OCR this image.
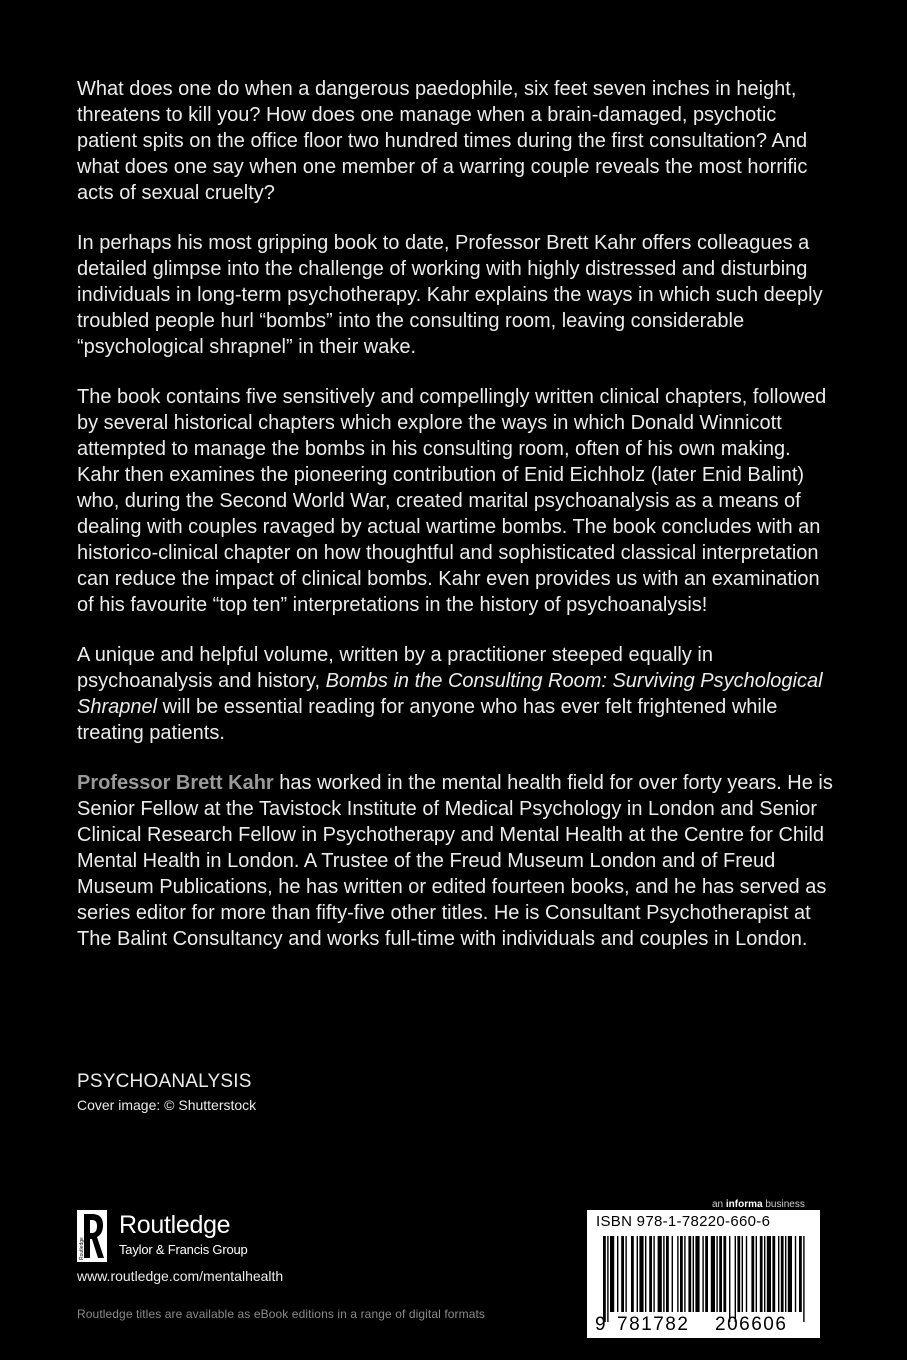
What does one do when a dangerous paedophile, six feet seven inches in height, threatens to kill you? How does one manage when a brain-damaged, psychotic patient spits on the office floor two hundred times during the first consultation? And what does one say when one member of a warring couple reveals the most horrific acts of sexual cruelty?

In perhaps his most gripping book to date, Professor Brett Kahr offers colleagues a detailed glimpse into the challenge of working with highly distressed and disturbing individuals in long-term psychotherapy. Kahr explains the ways in which such deeply troubled people hurl “bombs” into the consulting room, leaving considerable “psychological shrapnel” in their wake.

The book contains five sensitively and compellingly written clinical chapters, followed by several historical chapters which explore the ways in which Donald Winnicott attempted to manage the bombs in his consulting room, often of his own making. Kahr then examines the pioneering contribution of Enid Eichholz (later Enid Balint) who, during the Second World War, created marital psychoanalysis as a means of dealing with couples ravaged by actual wartime bombs. The book concludes with an historico-clinical chapter on how thoughtful and sophisticated classical interpretation can reduce the impact of clinical bombs. Kahr even provides us with an examination of his favourite “top ten” interpretations in the history of psychoanalysis!

A unique and helpful volume, written by a practitioner steeped equally in psychoanalysis and history, Bombs in the Consulting Room: Surviving Psychological Shrapnel will be essential reading for anyone who has ever felt frightened while treating patients.

Professor Brett Kahr has worked in the mental health field for over forty years. He is Senior Fellow at the Tavistock Institute of Medical Psychology in London and Senior Clinical Research Fellow in Psychotherapy and Mental Health at the Centre for Child Mental Health in London. A Trustee of the Freud Museum London and of Freud Museum Publications, he has written or edited fourteen books, and he has served as series editor for more than fifty-five other titles. He is Consultant Psychotherapist at The Balint Consultancy and works full-time with individuals and couples in London.

PSYCHOANALYSIS
Cover image: © Shutterstock
Routledge
Routledge
Taylor & Francis Group
www.routledge.com/mentalhealth
Routledge titles are available as eBook editions in a range of digital formats
an informa business
ISBN 978-1-78220-660-6
9 781782 206606
